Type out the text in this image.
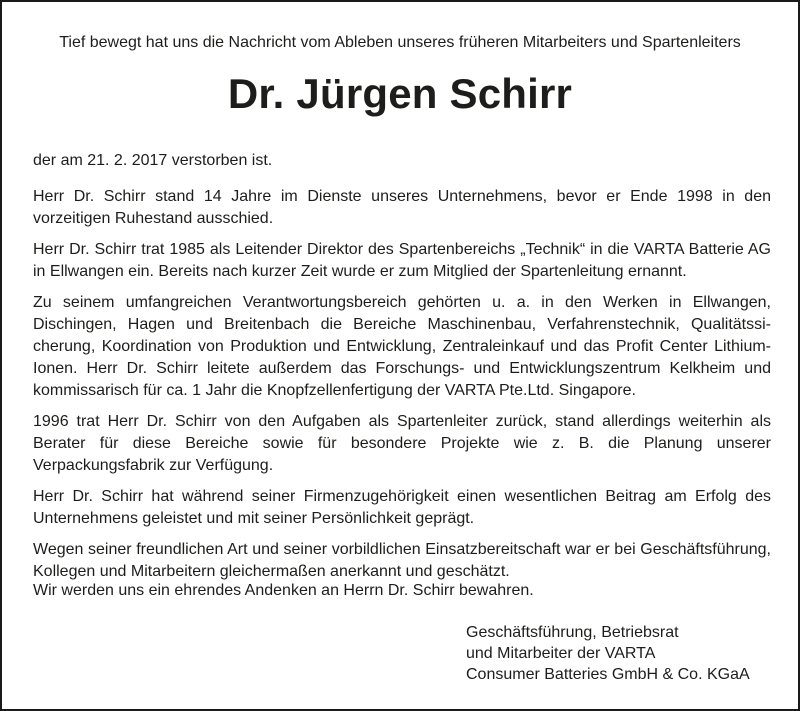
Tief bewegt hat uns die Nachricht vom Ableben unseres früheren Mitarbeiters und Spartenleiters
Dr. Jürgen Schirr
der am 21. 2. 2017 verstorben ist.

Herr Dr. Schirr stand 14 Jahre im Dienste unseres Unternehmens, bevor er Ende 1998 in den vorzeitigen Ruhestand ausschied.

Herr Dr. Schirr trat 1985 als Leitender Direktor des Spartenbereichs „Technik“ in die VARTA Batterie AG in Ellwangen ein. Bereits nach kurzer Zeit wurde er zum Mitglied der Spartenleitung ernannt.

Zu seinem umfangreichen Verantwortungsbereich gehörten u. a. in den Werken in Ellwangen, Dischingen, Hagen und Breitenbach die Bereiche Maschinenbau, Verfahrenstechnik, Qualitätssicherung, Koordination von Produktion und Entwicklung, Zentraleinkauf und das Profit Center Lithium-Ionen. Herr Dr. Schirr leitete außerdem das Forschungs- und Entwicklungszentrum Kelkheim und kommissarisch für ca. 1 Jahr die Knopfzellenfertigung der VARTA Pte.Ltd. Singapore.

1996 trat Herr Dr. Schirr von den Aufgaben als Spartenleiter zurück, stand allerdings weiterhin als Berater für diese Bereiche sowie für besondere Projekte wie z. B. die Planung unserer Verpackungsfabrik zur Verfügung.

Herr Dr. Schirr hat während seiner Firmenzugehörigkeit einen wesentlichen Beitrag am Erfolg des Unternehmens geleistet und mit seiner Persönlichkeit geprägt.

Wegen seiner freundlichen Art und seiner vorbildlichen Einsatzbereitschaft war er bei Geschäftsführung, Kollegen und Mitarbeitern gleichermaßen anerkannt und geschätzt.

Wir werden uns ein ehrendes Andenken an Herrn Dr. Schirr bewahren.
Geschäftsführung, Betriebsrat
und Mitarbeiter der VARTA
Consumer Batteries GmbH & Co. KGaA
